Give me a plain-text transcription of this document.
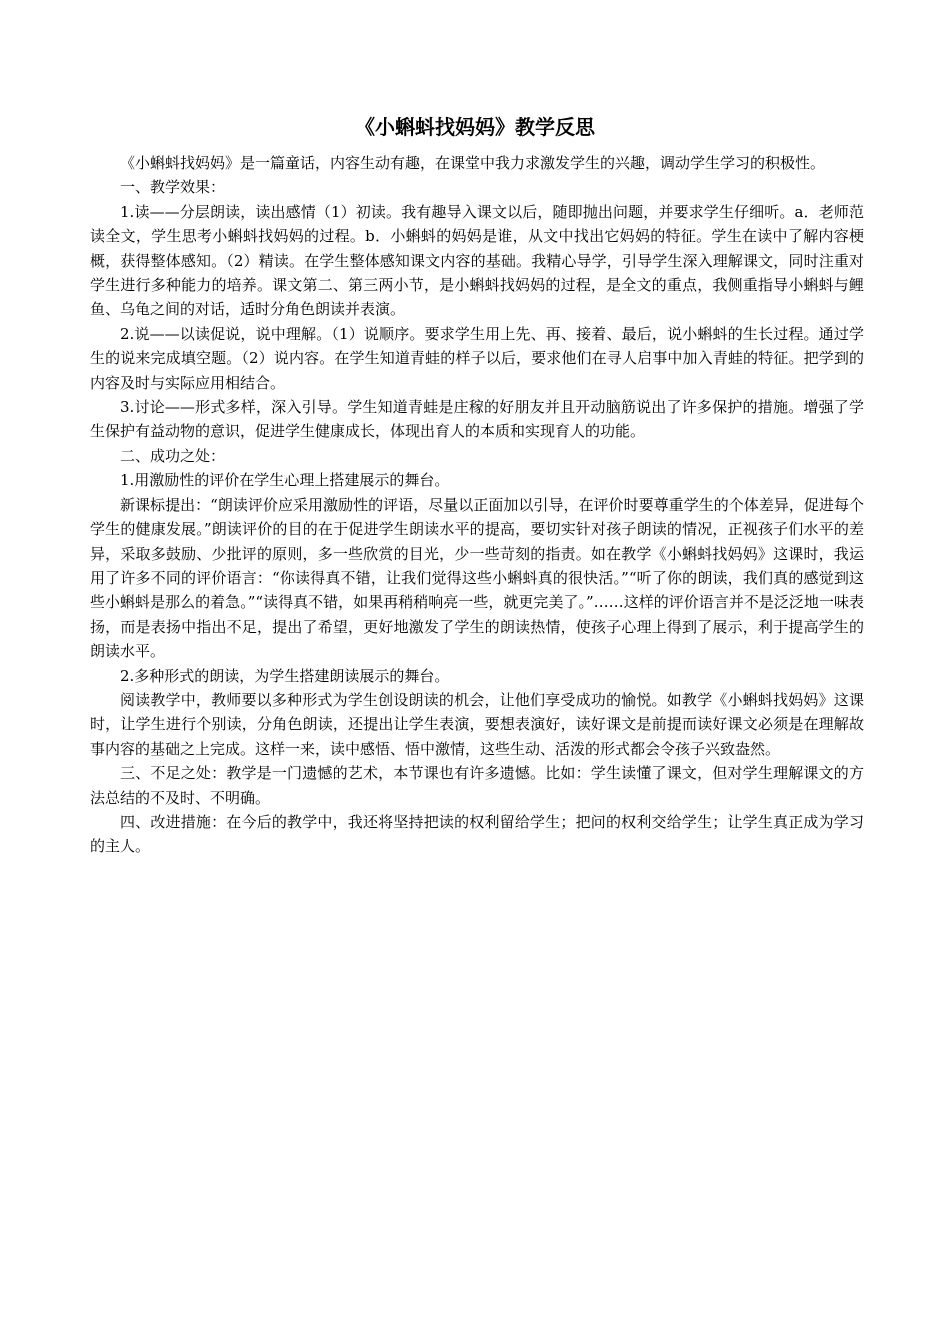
《小蝌蚪找妈妈》教学反思

《小蝌蚪找妈妈》是一篇童话，内容生动有趣，在课堂中我力求激发学生的兴趣，调动学生学习的积极性。

一、教学效果：

1.读——分层朗读，读出感情（1）初读。我有趣导入课文以后，随即抛出问题，并要求学生仔细听。a．老师范读全文，学生思考小蝌蚪找妈妈的过程。b．小蝌蚪的妈妈是谁，从文中找出它妈妈的特征。学生在读中了解内容梗概，获得整体感知。（2）精读。在学生整体感知课文内容的基础。我精心导学，引导学生深入理解课文，同时注重对学生进行多种能力的培养。课文第二、第三两小节，是小蝌蚪找妈妈的过程，是全文的重点，我侧重指导小蝌蚪与鲤鱼、乌龟之间的对话，适时分角色朗读并表演。

2.说——以读促说，说中理解。（1）说顺序。要求学生用上先、再、接着、最后，说小蝌蚪的生长过程。通过学生的说来完成填空题。（2）说内容。在学生知道青蛙的样子以后，要求他们在寻人启事中加入青蛙的特征。把学到的内容及时与实际应用相结合。

3.讨论——形式多样，深入引导。学生知道青蛙是庄稼的好朋友并且开动脑筋说出了许多保护的措施。增强了学生保护有益动物的意识，促进学生健康成长，体现出育人的本质和实现育人的功能。

二、成功之处：

1.用激励性的评价在学生心理上搭建展示的舞台。

新课标提出：“朗读评价应采用激励性的评语，尽量以正面加以引导，在评价时要尊重学生的个体差异，促进每个学生的健康发展。”朗读评价的目的在于促进学生朗读水平的提高，要切实针对孩子朗读的情况，正视孩子们水平的差异，采取多鼓励、少批评的原则，多一些欣赏的目光，少一些苛刻的指责。如在教学《小蝌蚪找妈妈》这课时，我运用了许多不同的评价语言：“你读得真不错，让我们觉得这些小蝌蚪真的很快活。”“听了你的朗读，我们真的感觉到这些小蝌蚪是那么的着急。”“读得真不错，如果再稍稍响亮一些，就更完美了。”……这样的评价语言并不是泛泛地一味表扬，而是表扬中指出不足，提出了希望，更好地激发了学生的朗读热情，使孩子心理上得到了展示，利于提高学生的朗读水平。

2.多种形式的朗读，为学生搭建朗读展示的舞台。

阅读教学中，教师要以多种形式为学生创设朗读的机会，让他们享受成功的愉悦。如教学《小蝌蚪找妈妈》这课时，让学生进行个别读，分角色朗读，还提出让学生表演，要想表演好，读好课文是前提而读好课文必须是在理解故事内容的基础之上完成。这样一来，读中感悟、悟中激情，这些生动、活泼的形式都会令孩子兴致盎然。

三、不足之处：教学是一门遗憾的艺术，本节课也有许多遗憾。比如：学生读懂了课文，但对学生理解课文的方法总结的不及时、不明确。

四、改进措施：在今后的教学中，我还将坚持把读的权利留给学生；把问的权利交给学生；让学生真正成为学习的主人。
